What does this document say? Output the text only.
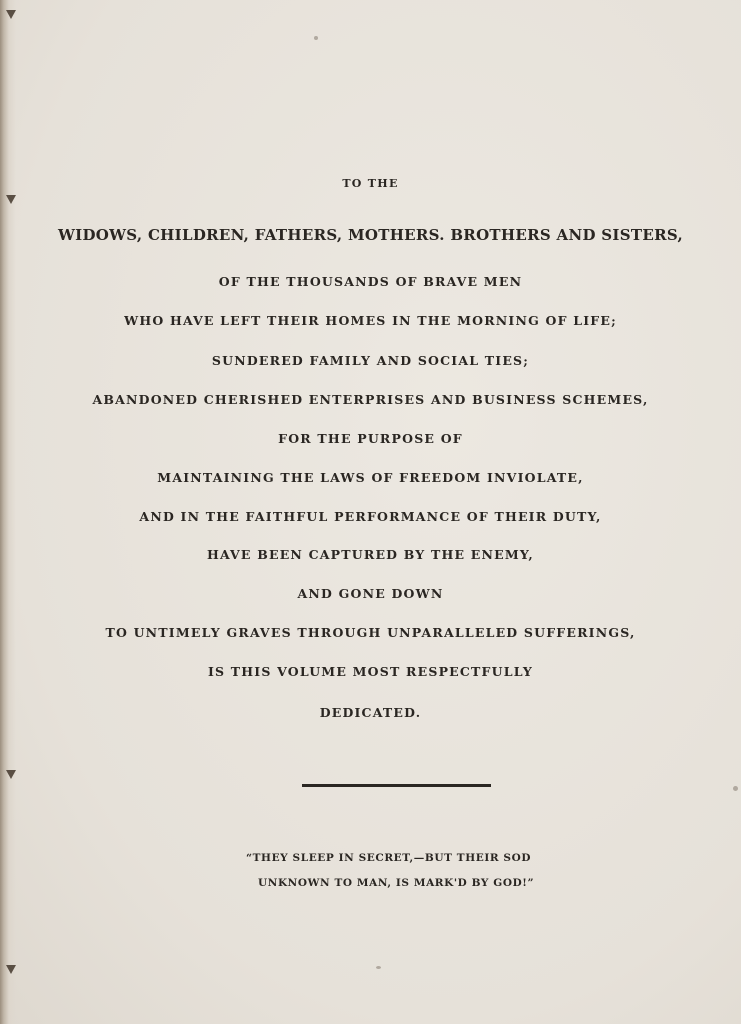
TO THE
WIDOWS, CHILDREN, FATHERS, MOTHERS. BROTHERS AND SISTERS,
OF THE THOUSANDS OF BRAVE MEN
WHO HAVE LEFT THEIR HOMES IN THE MORNING OF LIFE;
SUNDERED FAMILY AND SOCIAL TIES;
ABANDONED CHERISHED ENTERPRISES AND BUSINESS SCHEMES,
FOR THE PURPOSE OF
MAINTAINING THE LAWS OF FREEDOM INVIOLATE,
AND IN THE FAITHFUL PERFORMANCE OF THEIR DUTY,
HAVE BEEN CAPTURED BY THE ENEMY,
AND GONE DOWN
TO UNTIMELY GRAVES THROUGH UNPARALLELED SUFFERINGS,
IS THIS VOLUME MOST RESPECTFULLY
DEDICATED.
“THEY SLEEP IN SECRET,—BUT THEIR SOD
UNKNOWN TO MAN, IS MARK'D BY GOD!”
